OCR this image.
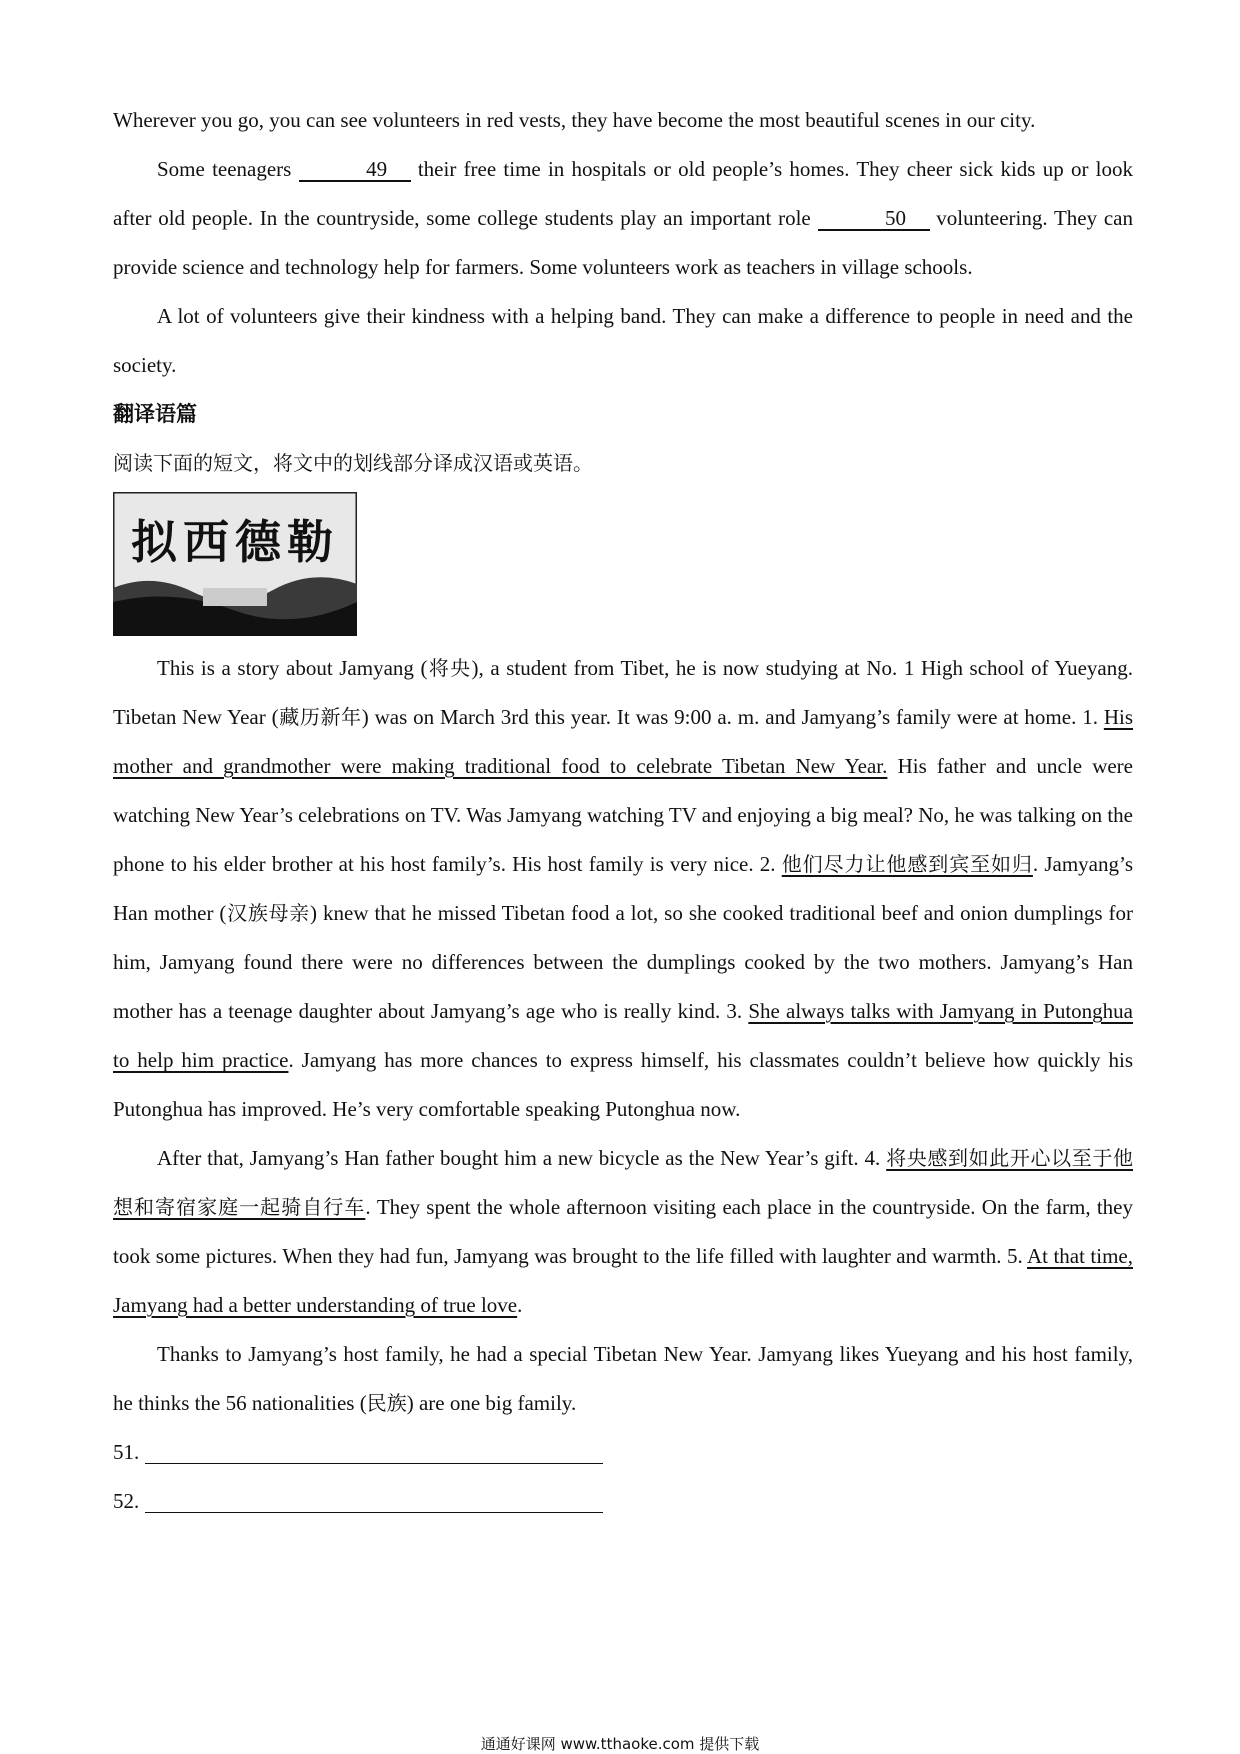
Wherever you go, you can see volunteers in red vests, they have become the most beautiful scenes in our city.

Some teenagers	49 their free time in hospitals or old people’s homes. They cheer sick kids up or look after old people. In the countryside, some college students play an important role	50 volunteering. They can provide science and technology help for farmers. Some volunteers work as teachers in village schools.

A lot of volunteers give their kindness with a helping band. They can make a difference to people in need and the society.

翻译语篇

阅读下面的短文，将文中的划线部分译成汉语或英语。

拟西德勒

This is a story about Jamyang (将央), a student from Tibet, he is now studying at No. 1 High school of Yueyang. Tibetan New Year (藏历新年) was on March 3rd this year. It was 9:00 a. m. and Jamyang’s family were at home. 1. His mother and grandmother were making traditional food to celebrate Tibetan New Year. His father and uncle were watching New Year’s celebrations on TV. Was Jamyang watching TV and enjoying a big meal? No, he was talking on the phone to his elder brother at his host family’s. His host family is very nice. 2. 他们尽力让他感到宾至如归. Jamyang’s Han mother (汉族母亲) knew that he missed Tibetan food a lot, so she cooked traditional beef and onion dumplings for him, Jamyang found there were no differences between the dumplings cooked by the two mothers. Jamyang’s Han mother has a teenage daughter about Jamyang’s age who is really kind. 3. She always talks with Jamyang in Putonghua to help him practice. Jamyang has more chances to express himself, his classmates couldn’t believe how quickly his Putonghua has improved. He’s very comfortable speaking Putonghua now.

After that, Jamyang’s Han father bought him a new bicycle as the New Year’s gift. 4. 将央感到如此开心以至于他想和寄宿家庭一起骑自行车. They spent the whole afternoon visiting each place in the countryside. On the farm, they took some pictures. When they had fun, Jamyang was brought to the life filled with laughter and warmth. 5. At that time, Jamyang had a better understanding of true love.

Thanks to Jamyang’s host family, he had a special Tibetan New Year. Jamyang likes Yueyang and his host family, he thinks the 56 nationalities (民族) are one big family.

51.

52.

通通好课网 www.tthaoke.com 提供下载
